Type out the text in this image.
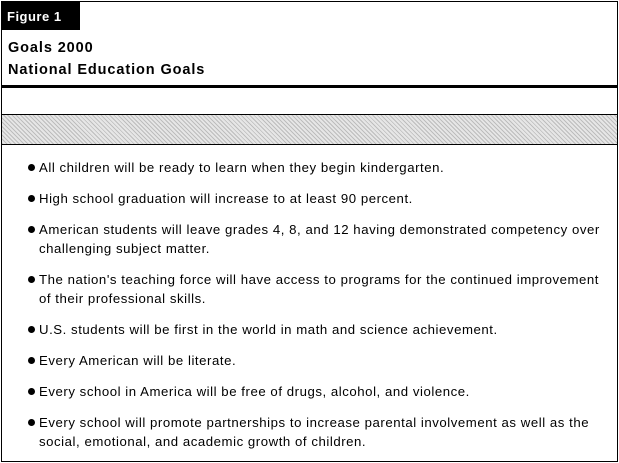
Figure 1
Goals 2000
National Education Goals
All children will be ready to learn when they begin kindergarten.
High school graduation will increase to at least 90 percent.
American students will leave grades 4, 8, and 12 having demonstrated competency over challenging subject matter.
The nation's teaching force will have access to programs for the continued improvement of their professional skills.
U.S. students will be first in the world in math and science achievement.
Every American will be literate.
Every school in America will be free of drugs, alcohol, and violence.
Every school will promote partnerships to increase parental involvement as well as the social, emotional, and academic growth of children.
